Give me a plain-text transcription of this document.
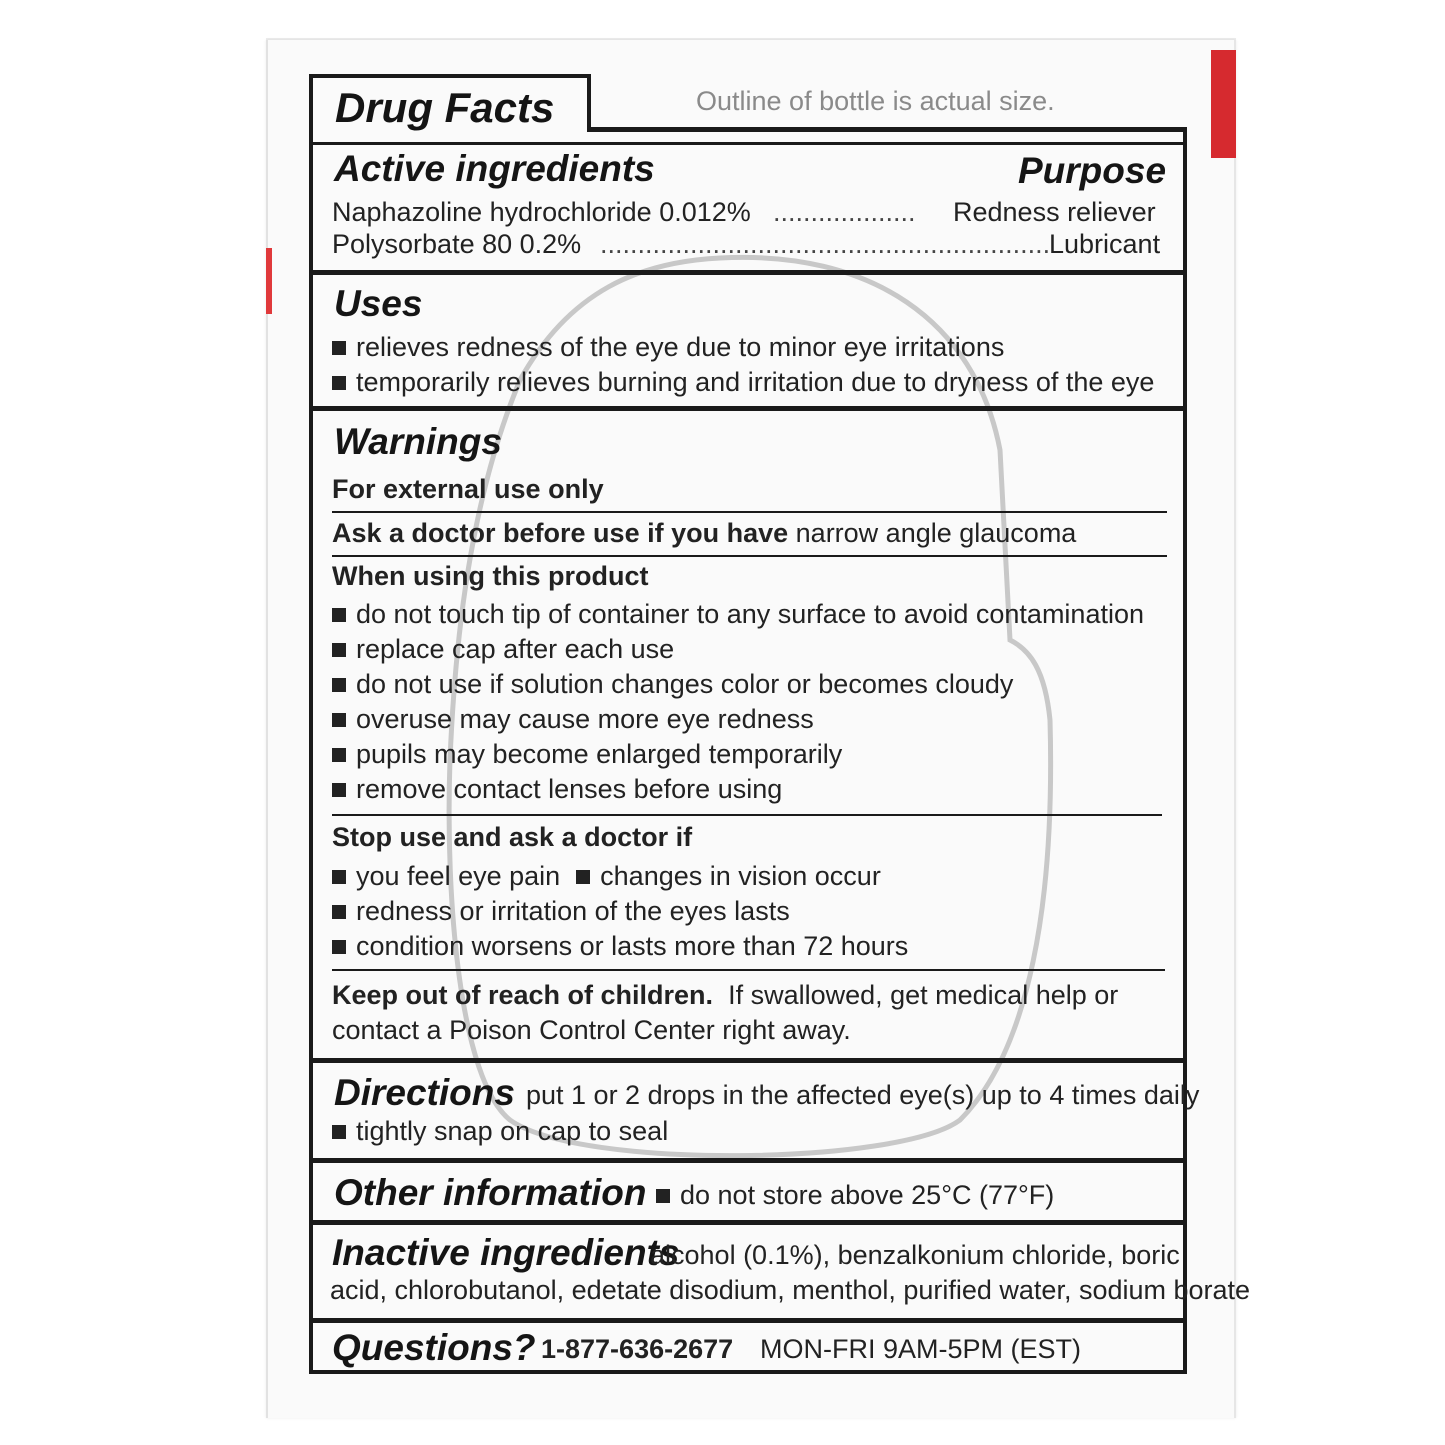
Outline of bottle is actual size.
Drug Facts
Active ingredients	Purpose
Naphazoline hydrochloride 0.012% ................... Redness reliever
Polysorbate 80 0.2% ............................................................
Lubricant
Uses
relieves redness of the eye due to minor eye irritations
temporarily relieves burning and irritation due to dryness of the eye
Warnings
For external use only
Ask a doctor before use if you have narrow angle glaucoma
When using this product
do not touch tip of container to any surface to avoid contamination
replace cap after each use
do not use if solution changes color or becomes cloudy
overuse may cause more eye redness
pupils may become enlarged temporarily
remove contact lenses before using
Stop use and ask a doctor if
you feel eye pain changes in vision occur
redness or irritation of the eyes lasts
condition worsens or lasts more than 72 hours
Keep out of reach of children. If swallowed, get medical help or
contact a Poison Control Center right away.
Directions put 1 or 2 drops in the affected eye(s) up to 4 times daily
tightly snap on cap to seal
Other information do not store above 25°C (77°F)
Inactive ingredients
alcohol (0.1%), benzalkonium chloride, boric
acid, chlorobutanol, edetate disodium, menthol, purified water, sodium borate
Questions? 1-877-636-2677 MON-FRI 9AM-5PM (EST)
